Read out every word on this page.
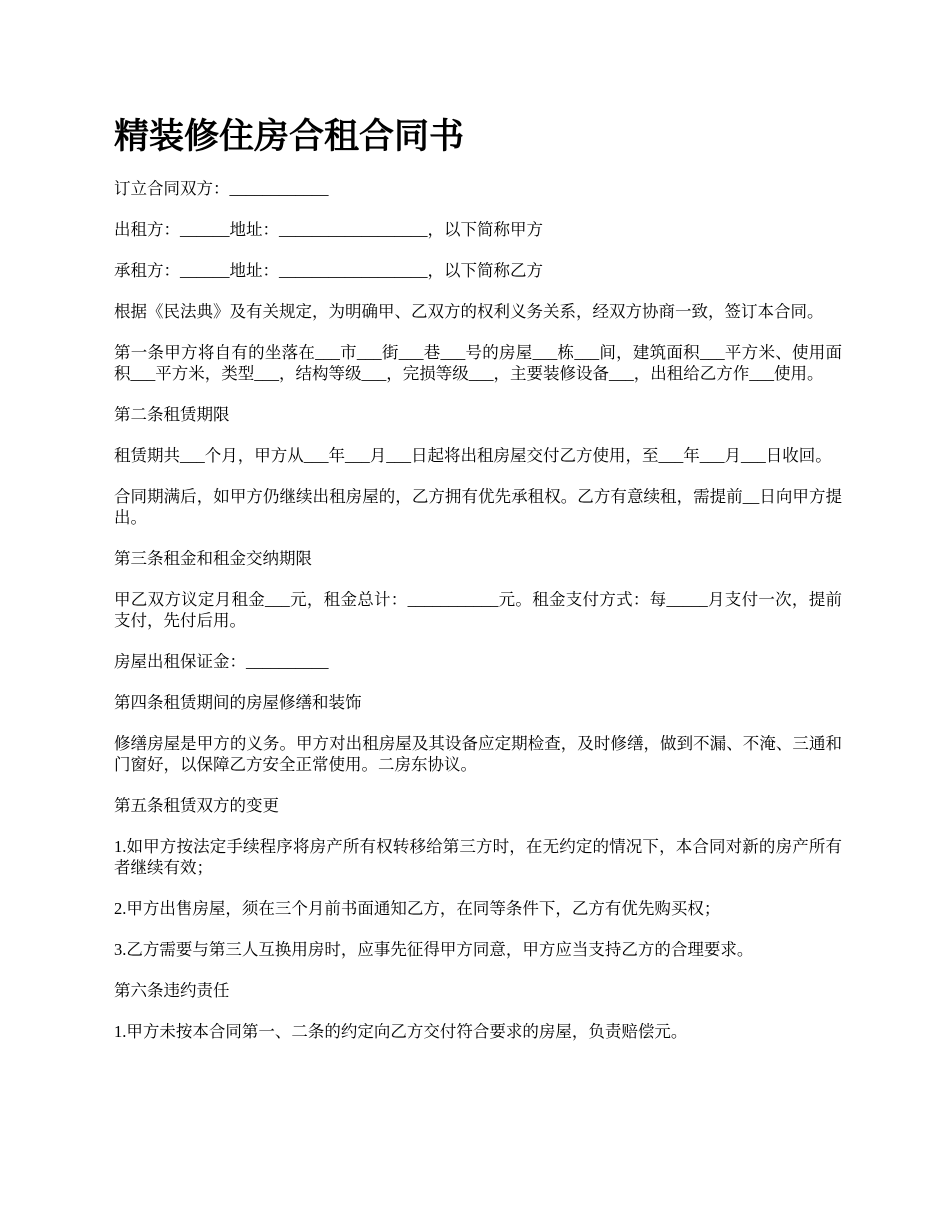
精装修住房合租合同书

订立合同双方：____________

出租方：______地址：__________________，以下简称甲方

承租方：______地址：__________________，以下简称乙方

根据《民法典》及有关规定，为明确甲、乙双方的权利义务关系，经双方协商一致，签订本合同。

第一条甲方将自有的坐落在___市___街___巷___号的房屋___栋___间，建筑面积___平方米、使用面积___平方米，类型___，结构等级___，完损等级___，主要装修设备___，出租给乙方作___使用。

第二条租赁期限

租赁期共___个月，甲方从___年___月___日起将出租房屋交付乙方使用，至___年___月___日收回。

合同期满后，如甲方仍继续出租房屋的，乙方拥有优先承租权。乙方有意续租，需提前__日向甲方提出。

第三条租金和租金交纳期限

甲乙双方议定月租金___元，租金总计：___________元。租金支付方式：每_____月支付一次，提前支付，先付后用。

房屋出租保证金：__________

第四条租赁期间的房屋修缮和装饰

修缮房屋是甲方的义务。甲方对出租房屋及其设备应定期检查，及时修缮，做到不漏、不淹、三通和门窗好，以保障乙方安全正常使用。二房东协议。

第五条租赁双方的变更

1.如甲方按法定手续程序将房产所有权转移给第三方时，在无约定的情况下，本合同对新的房产所有者继续有效；

2.甲方出售房屋，须在三个月前书面通知乙方，在同等条件下，乙方有优先购买权；

3.乙方需要与第三人互换用房时，应事先征得甲方同意，甲方应当支持乙方的合理要求。

第六条违约责任

1.甲方未按本合同第一、二条的约定向乙方交付符合要求的房屋，负责赔偿元。
